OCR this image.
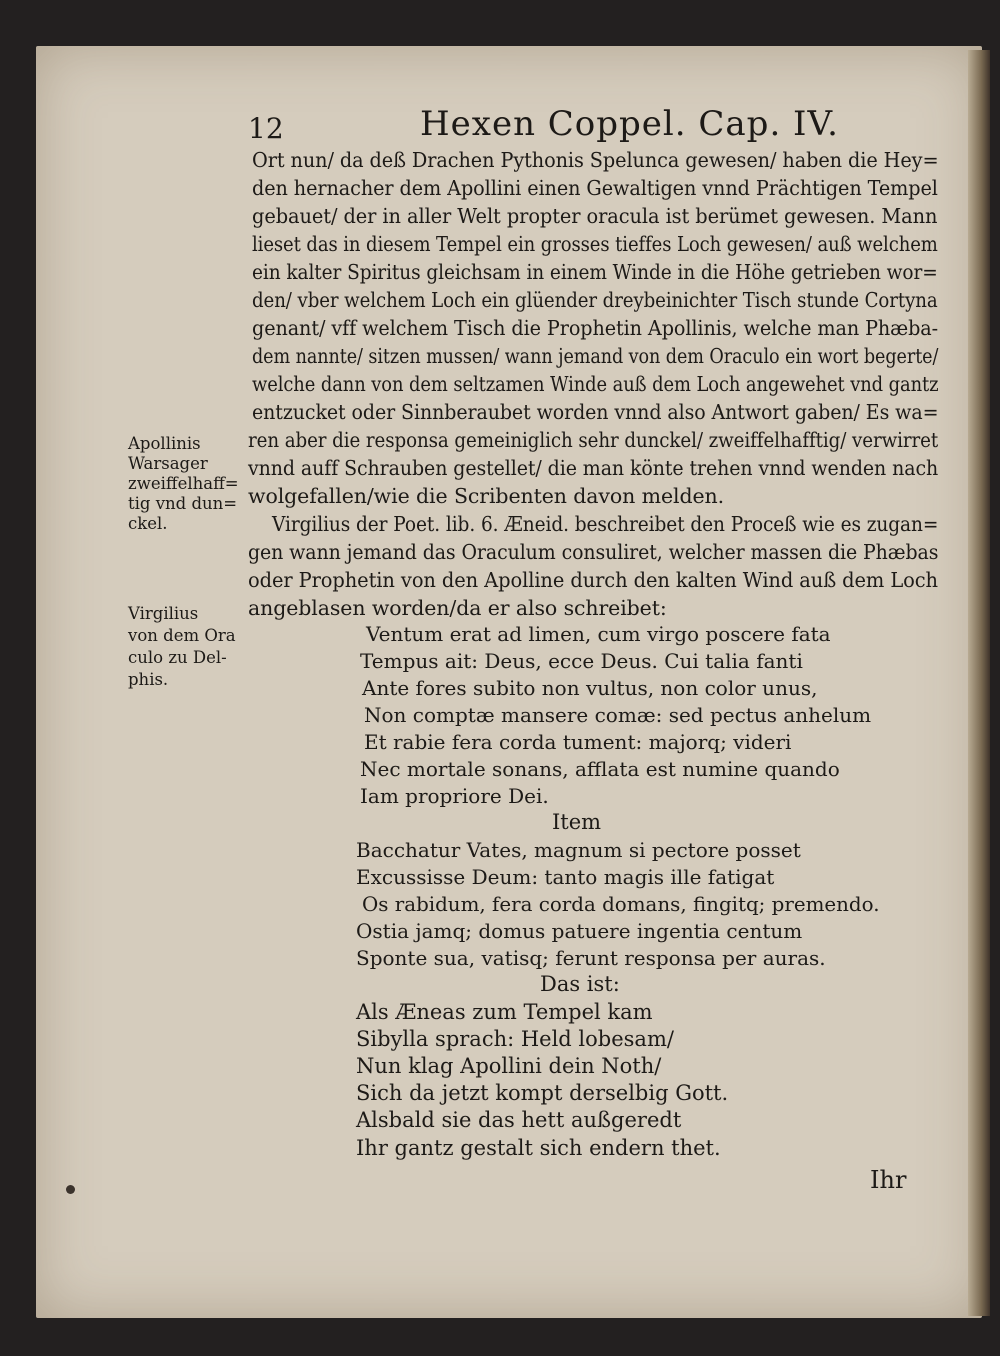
12	Hexen Coppel. Cap. IV.
Ort nun/ da deß Drachen Pythonis Spelunca gewesen/ haben die Hey=
den hernacher dem Apollini einen Gewaltigen vnnd Prächtigen Tempel
gebauet/ der in aller Welt propter oracula ist berümet gewesen. Mann
lieset das in diesem Tempel ein grosses tieffes Loch gewesen/ auß welchem
ein kalter Spiritus gleichsam in einem Winde in die Höhe getrieben wor=
den/ vber welchem Loch ein glüender dreybeinichter Tisch stunde Cortyna
genant/ vff welchem Tisch die Prophetin Apollinis, welche man Phæba-
dem nannte/ sitzen mussen/ wann jemand von dem Oraculo ein wort begerte/
welche dann von dem seltzamen Winde auß dem Loch angewehet vnd gantz
entzucket oder Sinnberaubet worden vnnd also Antwort gaben/ Es wa=
ren aber die responsa gemeiniglich sehr dunckel/ zweiffelhafftig/ verwirret
vnnd auff Schrauben gestellet/ die man könte trehen vnnd wenden nach
wolgefallen/wie die Scribenten davon melden.
Virgilius der Poet. lib. 6. Æneid. beschreibet den Proceß wie es zugan=
gen wann jemand das Oraculum consuliret, welcher massen die Phæbas
oder Prophetin von den Apolline durch den kalten Wind auß dem Loch
angeblasen worden/da er also schreibet:
Apollinis
Warsager
zweiffelhaff=
tig vnd dun=
ckel.
Virgilius
von dem Ora
culo zu Del-
phis.
Ventum erat ad limen, cum virgo poscere fata
Tempus ait: Deus, ecce Deus. Cui talia fanti
Ante fores subito non vultus, non color unus,
Non comptæ mansere comæ: sed pectus anhelum
Et rabie fera corda tument: majorq; videri
Nec mortale sonans, afflata est numine quando
Iam propriore Dei.
Item
Bacchatur Vates, magnum si pectore posset
Excussisse Deum: tanto magis ille fatigat
Os rabidum, fera corda domans, fingitq; premendo.
Ostia jamq; domus patuere ingentia centum
Sponte sua, vatisq; ferunt responsa per auras.
Das ist:
Als Æneas zum Tempel kam
Sibylla sprach: Held lobesam/
Nun klag Apollini dein Noth/
Sich da jetzt kompt derselbig Gott.
Alsbald sie das hett außgeredt
Ihr gantz gestalt sich endern thet.
Ihr
